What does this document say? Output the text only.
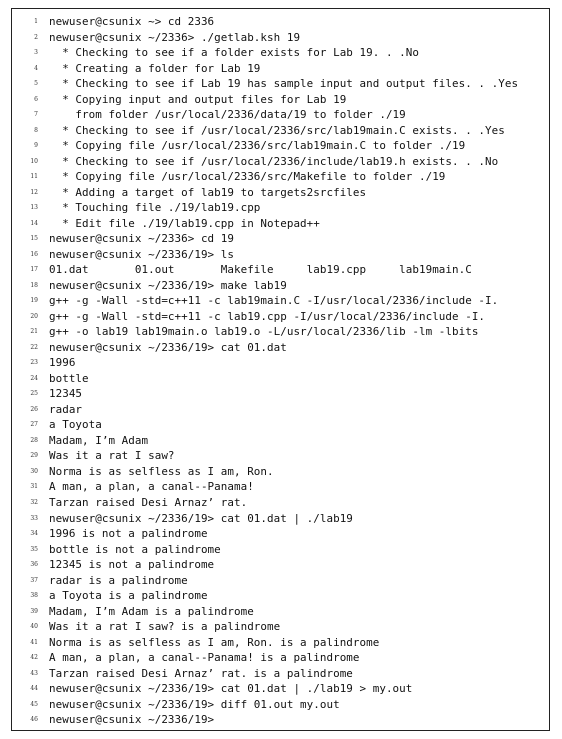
1 newuser@csunix ~> cd 2336
2 newuser@csunix ~/2336> ./getlab.ksh 19
3 * Checking to see if a folder exists for Lab 19. . .No
4 * Creating a folder for Lab 19
5 * Checking to see if Lab 19 has sample input and output files. . .Yes
6 * Copying input and output files for Lab 19
7 from folder /usr/local/2336/data/19 to folder ./19
8 * Checking to see if /usr/local/2336/src/lab19main.C exists. . .Yes
9 * Copying file /usr/local/2336/src/lab19main.C to folder ./19
10 * Checking to see if /usr/local/2336/include/lab19.h exists. . .No
11 * Copying file /usr/local/2336/src/Makefile to folder ./19
12 * Adding a target of lab19 to targets2srcfiles
13 * Touching file ./19/lab19.cpp
14 * Edit file ./19/lab19.cpp in Notepad++
15 newuser@csunix ~/2336> cd 19
16 newuser@csunix ~/2336/19> ls
17 01.dat       01.out       Makefile     lab19.cpp     lab19main.C
18 newuser@csunix ~/2336/19> make lab19
19 g++ -g -Wall -std=c++11 -c lab19main.C -I/usr/local/2336/include -I.
20 g++ -g -Wall -std=c++11 -c lab19.cpp -I/usr/local/2336/include -I.
21 g++ -o lab19 lab19main.o lab19.o -L/usr/local/2336/lib -lm -lbits
22 newuser@csunix ~/2336/19> cat 01.dat
23 1996
24 bottle
25 12345
26 radar
27 a Toyota
28 Madam, I’m Adam
29 Was it a rat I saw?
30 Norma is as selfless as I am, Ron.
31 A man, a plan, a canal--Panama!
32 Tarzan raised Desi Arnaz’ rat.
33 newuser@csunix ~/2336/19> cat 01.dat | ./lab19
34 1996 is not a palindrome
35 bottle is not a palindrome
36 12345 is not a palindrome
37 radar is a palindrome
38 a Toyota is a palindrome
39 Madam, I’m Adam is a palindrome
40 Was it a rat I saw? is a palindrome
41 Norma is as selfless as I am, Ron. is a palindrome
42 A man, a plan, a canal--Panama! is a palindrome
43 Tarzan raised Desi Arnaz’ rat. is a palindrome
44 newuser@csunix ~/2336/19> cat 01.dat | ./lab19 > my.out
45 newuser@csunix ~/2336/19> diff 01.out my.out
46 newuser@csunix ~/2336/19>
